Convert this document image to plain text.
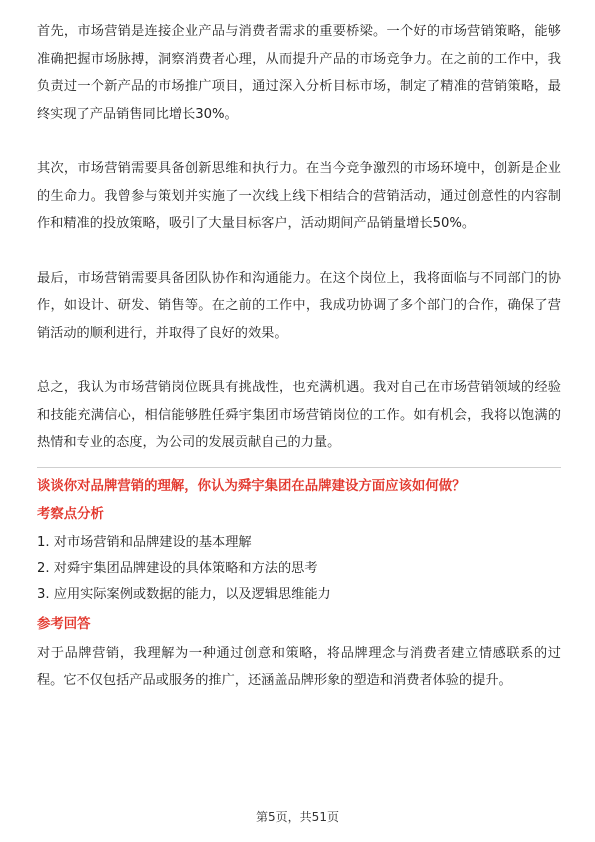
首先，市场营销是连接企业产品与消费者需求的重要桥梁。一个好的市场营销策略，能够准确把握市场脉搏，洞察消费者心理，从而提升产品的市场竞争力。在之前的工作中，我负责过一个新产品的市场推广项目，通过深入分析目标市场，制定了精准的营销策略，最终实现了产品销售同比增长30%。

其次，市场营销需要具备创新思维和执行力。在当今竞争激烈的市场环境中，创新是企业的生命力。我曾参与策划并实施了一次线上线下相结合的营销活动，通过创意性的内容制作和精准的投放策略，吸引了大量目标客户，活动期间产品销量增长50%。

最后，市场营销需要具备团队协作和沟通能力。在这个岗位上，我将面临与不同部门的协作，如设计、研发、销售等。在之前的工作中，我成功协调了多个部门的合作，确保了营销活动的顺利进行，并取得了良好的效果。

总之，我认为市场营销岗位既具有挑战性，也充满机遇。我对自己在市场营销领域的经验和技能充满信心，相信能够胜任舜宇集团市场营销岗位的工作。如有机会，我将以饱满的热情和专业的态度，为公司的发展贡献自己的力量。

谈谈你对品牌营销的理解，你认为舜宇集团在品牌建设方面应该如何做？

考察点分析

1. 对市场营销和品牌建设的基本理解

2. 对舜宇集团品牌建设的具体策略和方法的思考

3. 应用实际案例或数据的能力，以及逻辑思维能力

参考回答

对于品牌营销，我理解为一种通过创意和策略，将品牌理念与消费者建立情感联系的过程。它不仅包括产品或服务的推广，还涵盖品牌形象的塑造和消费者体验的提升。

第5页，共51页
